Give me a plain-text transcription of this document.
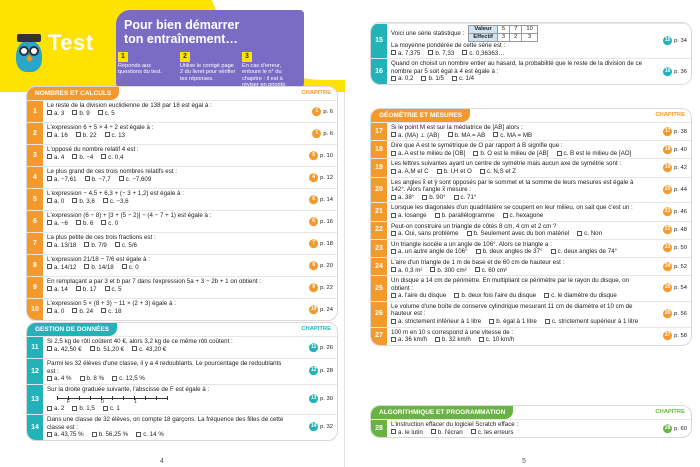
Test
Pour bien démarrer ton entraînement…
1
Réponds aux questions du test.
2
Utilise le corrigé page 2 du livret pour vérifier tes réponses.
3
En cas d'erreur, entoure le n° du chapitre : il est à
NOMBRES ET CALCULS	CHAPITRE
1
Le reste de la division euclidienne de 138 par 18 est égal à :
a. 3 b. 9 c. 5	1 p. 6
2
L'expression 6 + 5 × 4 ÷ 2 est égale à :
a. 16 b. 22 c. 13	1 p. 6
3
L'opposé du nombre relatif 4 est :
a. 4 b. −4 c. 0,4	5 p. 10
4
Le plus grand de ces trois nombres relatifs est :
a. −7,61 b. −7,7 c. −7,609	4 p. 12
5
L'expression − 4,5 + 6,3 + (− 3 + 1,2) est égale à :
a. 0 b. 3,6 c. −3,6	6 p. 14
6
L'expression (6 − 8) + [3 + (5 − 2)] − (4 − 7 + 1) est égale à :
a. −6 b. 6 c. 0	6 p. 16
7
La plus petite de ces trois fractions est :
a. 13/18 b. 7/9 c. 5/6	7 p. 18
8
L'expression 21/18 − 7/6 est égale à :
a. 14/12 b. 14/18 c. 0	8 p. 20
9
En remplaçant a par 3 et b par 7 dans l'expression 5a + 3 − 2b + 1 on obtient :
a. 14 b. 17 c. 5	9 p. 22
10
L'expression 5 × (8 + 3) − 11 × (2 + 3) égale à :
a. 0 b. 24 c. 18	10 p. 24
GESTION DE DONNÉES	CHAPITRE
11
Si 2,5 kg de rôti coûtent 40 €, alors 3,2 kg de ce même rôti coûtent :
a. 42,50 € b. 51,20 € c. 43,20 €	11 p. 26
12
Parmi les 32 élèves d'une classe, il y a 4 redoublants. Le pourcentage de redoublants est :
a. 4 % b. 8 % c. 12,5 %
12 p. 28
13
Sur la droite graduée suivante, l'abscisse de F est égale à :
F	0	1
a. 2 b. 1,5 c. 1
13 p. 30
14
Dans une classe de 32 élèves, on compte 18 garçons. La fréquence des filles de cette classe est :
a. 43,75 % b. 56,25 % c. 14 %
14 p. 32
4
15
Voici une série statistique :Valeur	5	7	10
Effectif	3	2	3
La moyenne pondérée de cette série est :
a. 7,375 b. 7,33 c. 0,36363…
15 p. 34
16
Quand on choisit un nombre entier au hasard, la probabilité que le reste de la division de ce nombre par 5 soit égal à 4 est égale à :
a. 0,2 b. 1/5 c. 1/4
16 p. 36
GÉOMÉTRIE ET MESURES	CHAPITRE
17
Si le point M est sur la médiatrice de [AB] alors :
a. (MA) ⊥ (AB) b. MA = AB c. MA = MB
17 p. 38
18
Dire que A est le symétrique de O par rapport à B signifie que :
a. A est le milieu de [OB] b. O est le milieu de [AB] c. B est le milieu de [AO]
18 p. 40
19
Les lettres suivantes ayant un centre de symétrie mais aucun axe de symétrie sont :
a. A,M et C b. I,H et O c. N,S et Z
19 p. 42
20
Les angles x̂ et ŷ sont opposés par le sommet et la somme de leurs mesures est égale à 142°. Alors l'angle x̂ mesure :
a. 38° b. 90° c. 71°
20 p. 44
21
Lorsque les diagonales d'un quadrilatère se coupent en leur milieu, on sait que c'est un :
a. losange b. parallélogramme c. hexagone
21 p. 46
22
Peut-on construire un triangle de côtés 8 cm, 4 cm et 2 cm ?
a. Oui, sans problème b. Seulement avec du bon matériel c. Non
22 p. 48
23
Un triangle isocèle a un angle de 106°. Alors ce triangle a :
a. un autre angle de 106° b. deux angles de 37° c. deux angles de 74°
23 p. 50
24
L'aire d'un triangle de 1 m de base et de 60 cm de hauteur est :
a. 0,3 m² b. 300 cm² c. 60 cm²
24 p. 52
25
Un disque a 14 cm de périmètre. En multipliant ce périmètre par le rayon du disque, on obtient :
a. l'aire du disque b. deux fois l'aire du disque c. le diamètre du disque
25 p. 54
26
Le volume d'une boîte de conserve cylindrique mesurant 11 cm de diamètre et 10 cm de hauteur est :
a. strictement inférieur à 1 litre b. égal à 1 litre c. strictement supérieur à 1 litre
26 p. 56
27
100 m en 10 s correspond à une vitesse de :
a. 36 km/h b. 32 km/h c. 10 km/h
27 p. 58
ALGORITHMIQUE ET PROGRAMMATION	CHAPITRE
28
L'instruction effacer du logiciel Scratch efface :
a. le lutin b. l'écran c. les erreurs
28 p. 60
5
